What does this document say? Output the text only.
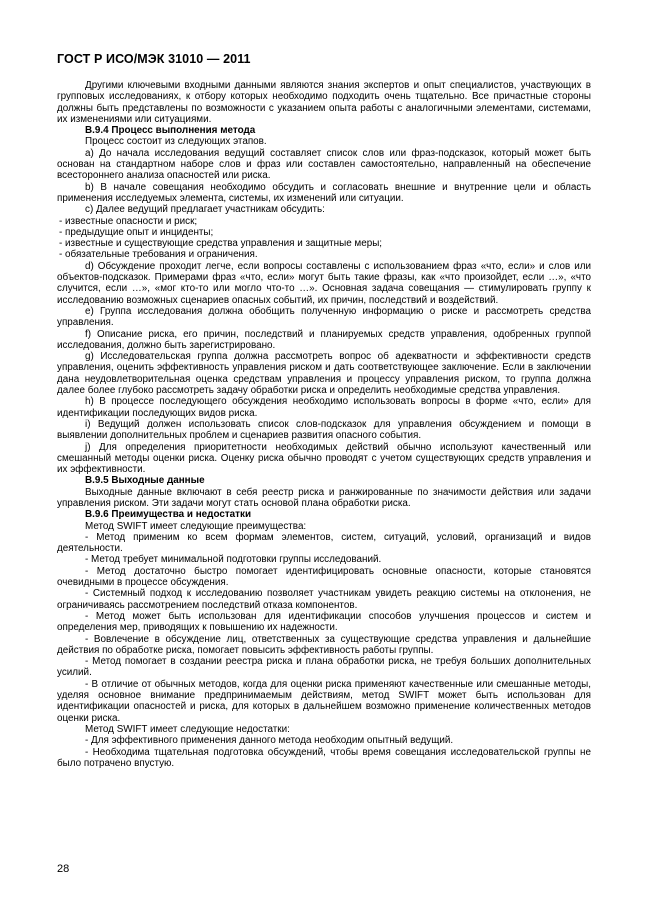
ГОСТ Р ИСО/МЭК 31010 — 2011

Другими ключевыми входными данными являются знания экспертов и опыт специалистов, участвующих в групповых исследованиях, к отбору которых необходимо подходить очень тщательно. Все причастные стороны должны быть представлены по возможности с указанием опыта работы с аналогичными элементами, системами, их изменениями или ситуациями.

В.9.4 Процесс выполнения метода

Процесс состоит из следующих этапов.

a) До начала исследования ведущий составляет список слов или фраз-подсказок, который может быть основан на стандартном наборе слов и фраз или составлен самостоятельно, направленный на обеспечение всестороннего анализа опасностей или риска.

b) В начале совещания необходимо обсудить и согласовать внешние и внутренние цели и область применения исследуемых элемента, системы, их изменений или ситуации.

c) Далее ведущий предлагает участникам обсудить:

- известные опасности и риск;

- предыдущие опыт и инциденты;

- известные и существующие средства управления и защитные меры;

- обязательные требования и ограничения.

d) Обсуждение проходит легче, если вопросы составлены с использованием фраз «что, если» и слов или объектов-подсказок. Примерами фраз «что, если» могут быть такие фразы, как «что произойдет, если …», «что случится, если …», «мог кто-то или могло что-то …». Основная задача совещания — стимулировать группу к исследованию возможных сценариев опасных событий, их причин, последствий и воздействий.

e) Группа исследования должна обобщить полученную информацию о риске и рассмотреть средства управления.

f) Описание риска, его причин, последствий и планируемых средств управления, одобренных группой исследования, должно быть зарегистрировано.

g) Исследовательская группа должна рассмотреть вопрос об адекватности и эффективности средств управления, оценить эффективность управления риском и дать соответствующее заключение. Если в заключении дана неудовлетворительная оценка средствам управления и процессу управления риском, то группа должна далее более глубоко рассмотреть задачу обработки риска и определить необходимые средства управления.

h) В процессе последующего обсуждения необходимо использовать вопросы в форме «что, если» для идентификации последующих видов риска.

i) Ведущий должен использовать список слов-подсказок для управления обсуждением и помощи в выявлении дополнительных проблем и сценариев развития опасного события.

j) Для определения приоритетности необходимых действий обычно используют качественный или смешанный методы оценки риска. Оценку риска обычно проводят с учетом существующих средств управления и их эффективности.

В.9.5 Выходные данные

Выходные данные включают в себя реестр риска и ранжированные по значимости действия или задачи управления риском. Эти задачи могут стать основой плана обработки риска.

В.9.6 Преимущества и недостатки

Метод SWIFT имеет следующие преимущества:

- Метод применим ко всем формам элементов, систем, ситуаций, условий, организаций и видов деятельности.

- Метод требует минимальной подготовки группы исследований.

- Метод достаточно быстро помогает идентифицировать основные опасности, которые становятся очевидными в процессе обсуждения.

- Системный подход к исследованию позволяет участникам увидеть реакцию системы на отклонения, не ограничиваясь рассмотрением последствий отказа компонентов.

- Метод может быть использован для идентификации способов улучшения процессов и систем и определения мер, приводящих к повышению их надежности.

- Вовлечение в обсуждение лиц, ответственных за существующие средства управления и дальнейшие действия по обработке риска, помогает повысить эффективность работы группы.

- Метод помогает в создании реестра риска и плана обработки риска, не требуя больших дополнительных усилий.

- В отличие от обычных методов, когда для оценки риска применяют качественные или смешанные методы, уделяя основное внимание предпринимаемым действиям, метод SWIFT может быть использован для идентификации опасностей и риска, для которых в дальнейшем возможно применение количественных методов оценки риска.

Метод SWIFT имеет следующие недостатки:

- Для эффективного применения данного метода необходим опытный ведущий.

- Необходима тщательная подготовка обсуждений, чтобы время совещания исследовательской группы не было потрачено впустую.

28
